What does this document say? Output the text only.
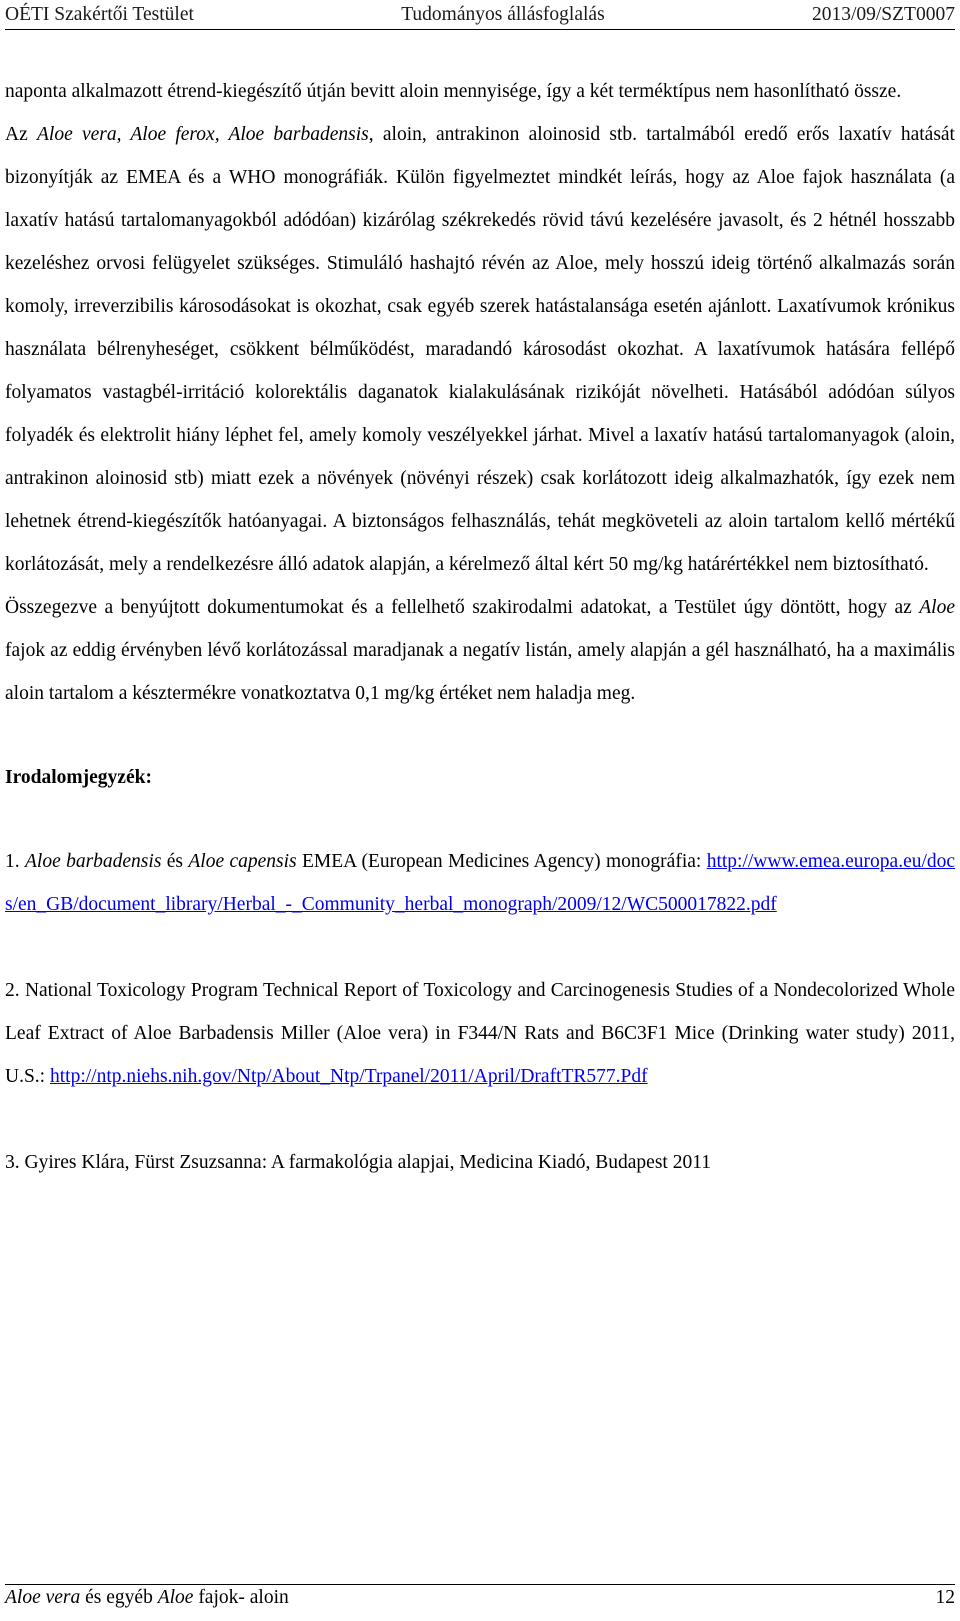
OÉTI Szakértői Testület	Tudományos állásfoglalás	2013/09/SZT0007

naponta alkalmazott étrend-kiegészítő útján bevitt aloin mennyisége, így a két terméktípus nem hasonlítható össze.

Az Aloe vera, Aloe ferox, Aloe barbadensis, aloin, antrakinon aloinosid stb. tartalmából eredő erős laxatív hatását bizonyítják az EMEA és a WHO monográfiák. Külön figyelmeztet mindkét leírás, hogy az Aloe fajok használata (a laxatív hatású tartalomanyagokból adódóan) kizárólag székrekedés rövid távú kezelésére javasolt, és 2 hétnél hosszabb kezeléshez orvosi felügyelet szükséges. Stimuláló hashajtó révén az Aloe, mely hosszú ideig történő alkalmazás során komoly, irreverzibilis károsodásokat is okozhat, csak egyéb szerek hatástalansága esetén ajánlott. Laxatívumok krónikus használata bélrenyheséget, csökkent bélműködést, maradandó károsodást okozhat. A laxatívumok hatására fellépő folyamatos vastagbél-irritáció kolorektális daganatok kialakulásának rizikóját növelheti. Hatásából adódóan súlyos folyadék és elektrolit hiány léphet fel, amely komoly veszélyekkel járhat. Mivel a laxatív hatású tartalomanyagok (aloin, antrakinon aloinosid stb) miatt ezek a növények (növényi részek) csak korlátozott ideig alkalmazhatók, így ezek nem lehetnek étrend-kiegészítők hatóanyagai. A biztonságos felhasználás, tehát megköveteli az aloin tartalom kellő mértékű korlátozását, mely a rendelkezésre álló adatok alapján, a kérelmező által kért 50 mg/kg határértékkel nem biztosítható.

Összegezve a benyújtott dokumentumokat és a fellelhető szakirodalmi adatokat, a Testület úgy döntött, hogy az Aloe fajok az eddig érvényben lévő korlátozással maradjanak a negatív listán, amely alapján a gél használható, ha a maximális aloin tartalom a késztermékre vonatkoztatva 0,1 mg/kg értéket nem haladja meg.

Irodalomjegyzék:

1. Aloe barbadensis és Aloe capensis EMEA (European Medicines Agency) monográfia: http://www.emea.europa.eu/docs/en_GB/document_library/Herbal_-_Community_herbal_monograph/2009/12/WC500017822.pdf

2. National Toxicology Program Technical Report of Toxicology and Carcinogenesis Studies of a Nondecolorized Whole Leaf Extract of Aloe Barbadensis Miller (Aloe vera) in F344/N Rats and B6C3F1 Mice (Drinking water study) 2011, U.S.: http://ntp.niehs.nih.gov/Ntp/About_Ntp/Trpanel/2011/April/DraftTR577.Pdf

3. Gyires Klára, Fürst Zsuzsanna: A farmakológia alapjai, Medicina Kiadó, Budapest 2011

Aloe vera és egyéb Aloe fajok- aloin	12
